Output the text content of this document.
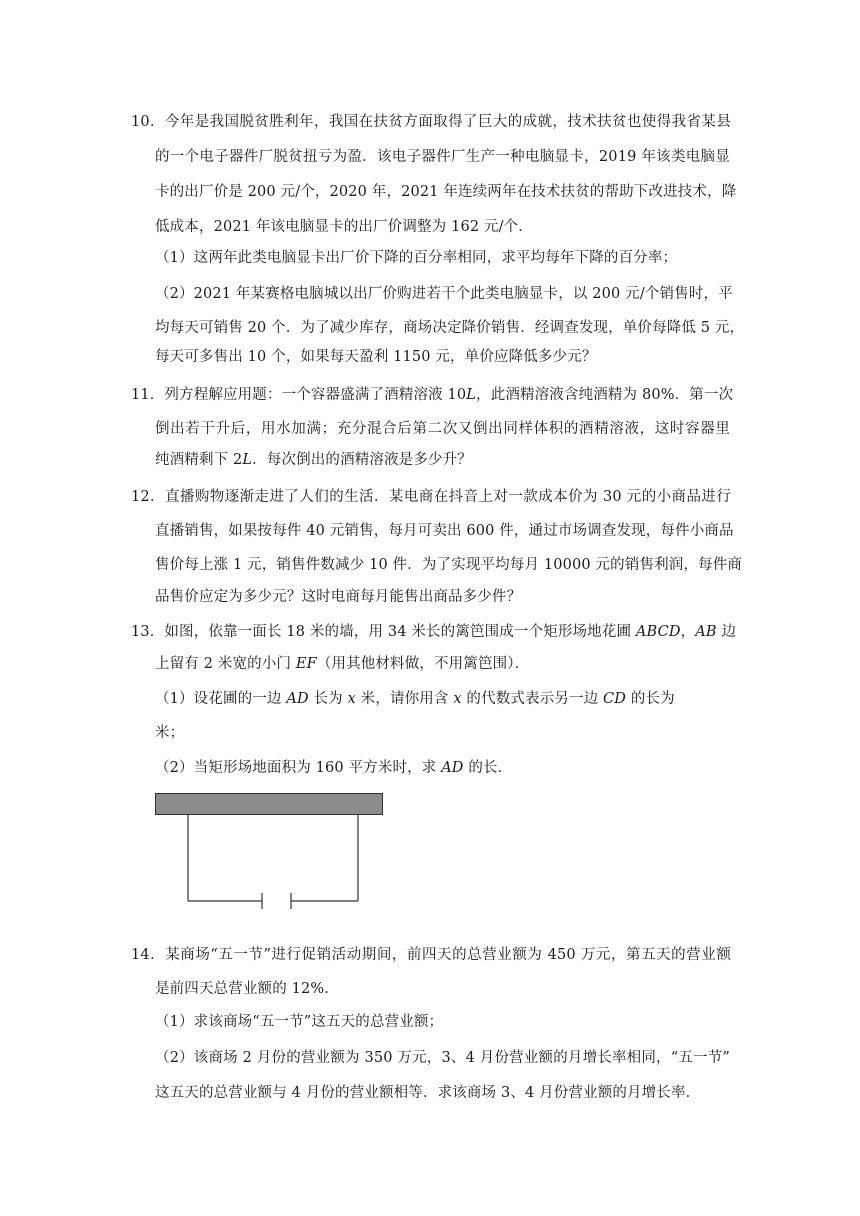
10．今年是我国脱贫胜利年，我国在扶贫方面取得了巨大的成就，技术扶贫也使得我省某县
的一个电子器件厂脱贫扭亏为盈．该电子器件厂生产一种电脑显卡，2019 年该类电脑显
卡的出厂价是 200 元/个，2020 年，2021 年连续两年在技术扶贫的帮助下改进技术，降
低成本，2021 年该电脑显卡的出厂价调整为 162 元/个．
（1）这两年此类电脑显卡出厂价下降的百分率相同，求平均每年下降的百分率；
（2）2021 年某赛格电脑城以出厂价购进若干个此类电脑显卡，以 200 元/个销售时，平
均每天可销售 20 个．为了减少库存，商场决定降价销售．经调查发现，单价每降低 5 元，
每天可多售出 10 个，如果每天盈利 1150 元，单价应降低多少元？
11．列方程解应用题：一个容器盛满了酒精溶液 10L，此酒精溶液含纯酒精为 80%．第一次
倒出若干升后，用水加满；充分混合后第二次又倒出同样体积的酒精溶液，这时容器里
纯酒精剩下 2L．每次倒出的酒精溶液是多少升？
12．直播购物逐渐走进了人们的生活．某电商在抖音上对一款成本价为 30 元的小商品进行
直播销售，如果按每件 40 元销售，每月可卖出 600 件，通过市场调查发现，每件小商品
售价每上涨 1 元，销售件数减少 10 件．为了实现平均每月 10000 元的销售利润，每件商
品售价应定为多少元？这时电商每月能售出商品多少件？
13．如图，依靠一面长 18 米的墙，用 34 米长的篱笆围成一个矩形场地花圃 ABCD，AB 边
上留有 2 米宽的小门 EF（用其他材料做，不用篱笆围）．
（1）设花圃的一边 AD 长为 x 米，请你用含 x 的代数式表示另一边 CD 的长为
米；
（2）当矩形场地面积为 160 平方米时，求 AD 的长．
14．某商场“五一节”进行促销活动期间，前四天的总营业额为 450 万元，第五天的营业额
是前四天总营业额的 12%．
（1）求该商场“五一节”这五天的总营业额；
（2）该商场 2 月份的营业额为 350 万元，3、4 月份营业额的月增长率相同，“五一节”
这五天的总营业额与 4 月份的营业额相等．求该商场 3、4 月份营业额的月增长率．
